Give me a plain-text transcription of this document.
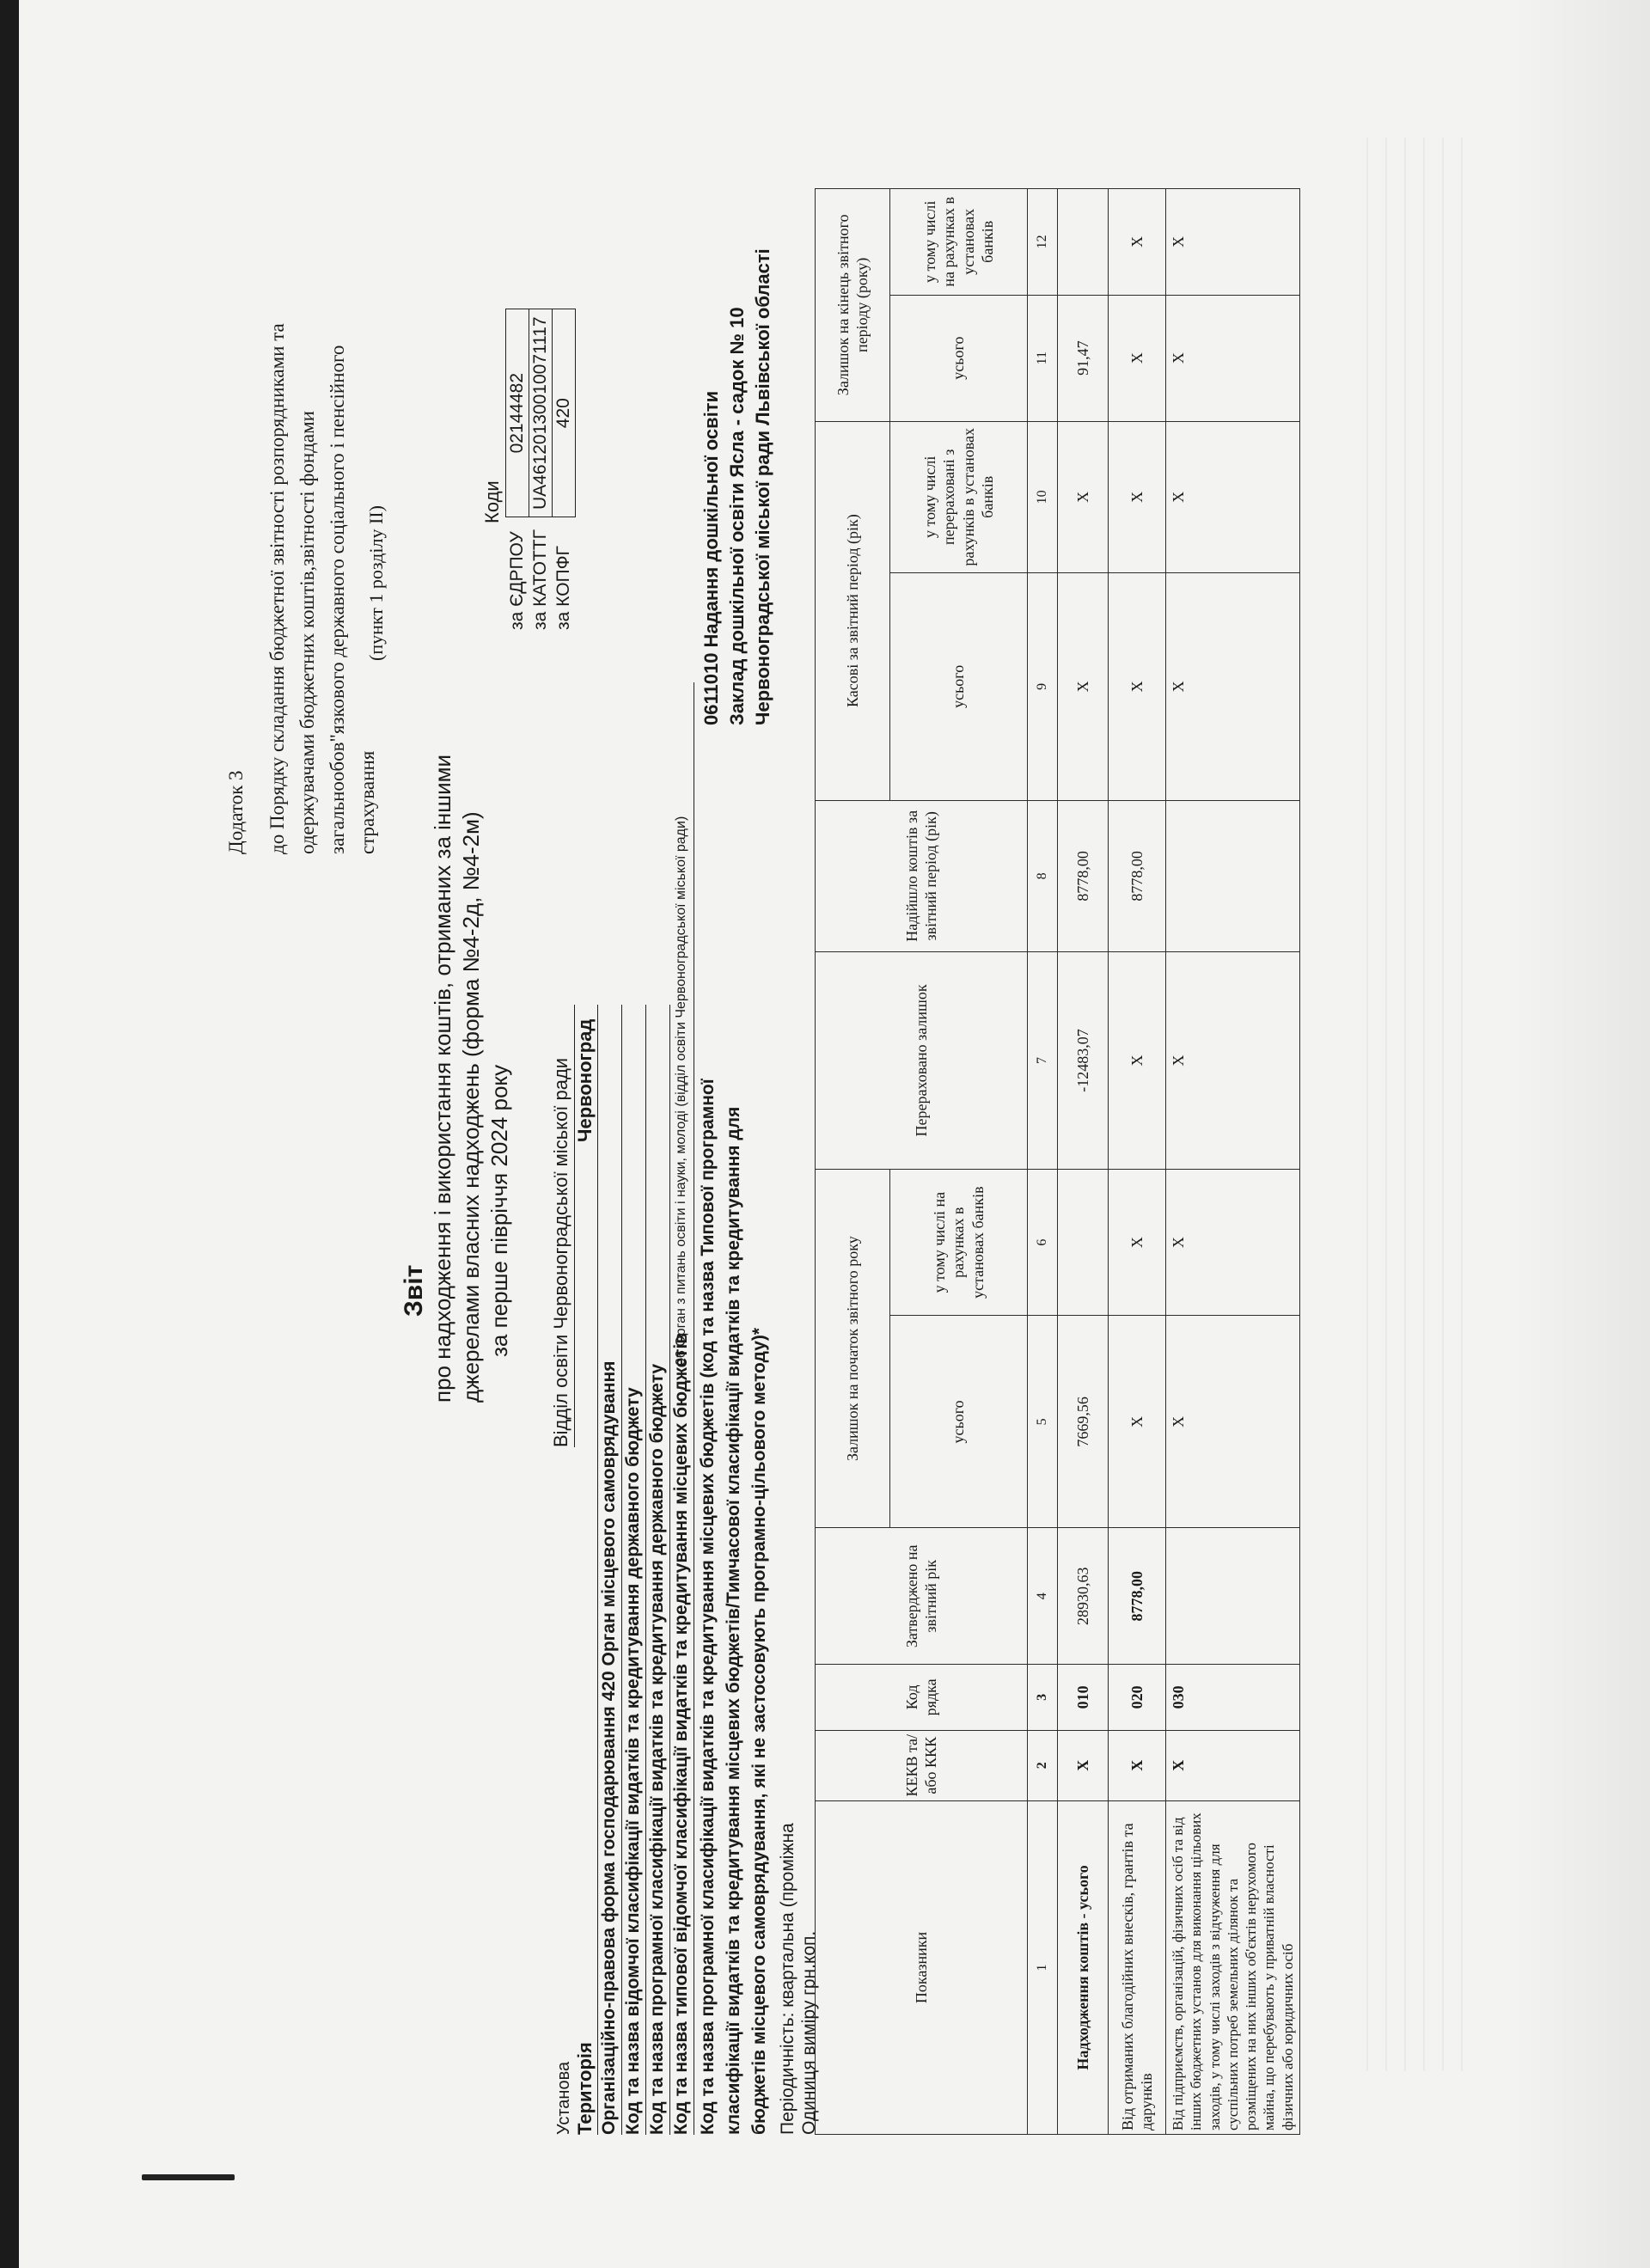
Додаток 3 до Порядку складання бюджетної звітності розпорядниками та одержувачами бюджетних коштів,звітності фондами загальнообов"язкового державного соціального і пенсійного страхування
(пункт 1 розділу ІІ)
Звіт про надходження і використання коштів, отриманих за іншими джерелами власних надходжень (форма №4-2д, №4-2м) за перше півріччя 2024 року
Коди
за ЄДРПОУ	02144482
за КАТОТТГ	UA46120130010071117
за КОПФГ	420
Установа
Відділ освіти Червоноградської міської ради
Територія
Червоноград
Організаційно-правова форма господарювання 420 Орган місцевого самоврядування Код та назва відомчої класифікації видатків та кредитування державного бюджету Код та назва програмної класифікації видатків та кредитування державного бюджету Код та назва типової відомчої класифікації видатків та кредитування місцевих бюджетів
06 Орган з питань освіти і науки, молоді (відділ освіти Червоноградської міської ради) Код та назва програмної класифікації видатків та кредитування місцевих бюджетів (код та назва Типової програмної класифікації видатків та кредитування місцевих бюджетів/Тимчасової класифікації видатків та кредитування для бюджетів місцевого самоврядування, які не застосовують програмно-цільового методу)*
0611010 Надання дошкільної освіти Заклад дошкільної освіти Ясла - садок № 10 Червоноградської міської ради Львівської області
Періодичність: квартальна (проміжна Одиниця виміру грн.коп.	Показники	КЕКВ та/або ККК	Код рядка	Затверджено на звітний рік	Залишок на початок звітного року		Перераховано залишок	Надійшло коштів за звітний період (рік)	Касові за звітний період (рік)		Залишок на кінець звітного періоду (року)	
				усього	у тому числі на рахунках в установах банків			усього	у тому числі перераховані з рахунків в установах банків	усього	у тому числі на рахунках в установах банків
1	2	3	4	5	6	7	8	9	10	11	12
Надходження коштів - усього	Х	010	28930,63	7669,56		-12483,07	8778,00	Х	Х	91,47	
Від отриманих благодійних внесків, грантів та дарунків	Х	020	8778,00	Х	Х	Х	8778,00	Х	Х	Х	Х
Від підприємств, організацій, фізичних осіб та від інших бюджетних установ для виконання цільових заходів, у тому числі заходів з відчуження для суспільних потреб земельних ділянок та розміщених на них інших об'єктів нерухомого майна, що перебувають у приватній власності фізичних або юридичних осіб	Х	030		Х	Х	Х		Х	Х	Х	Х
